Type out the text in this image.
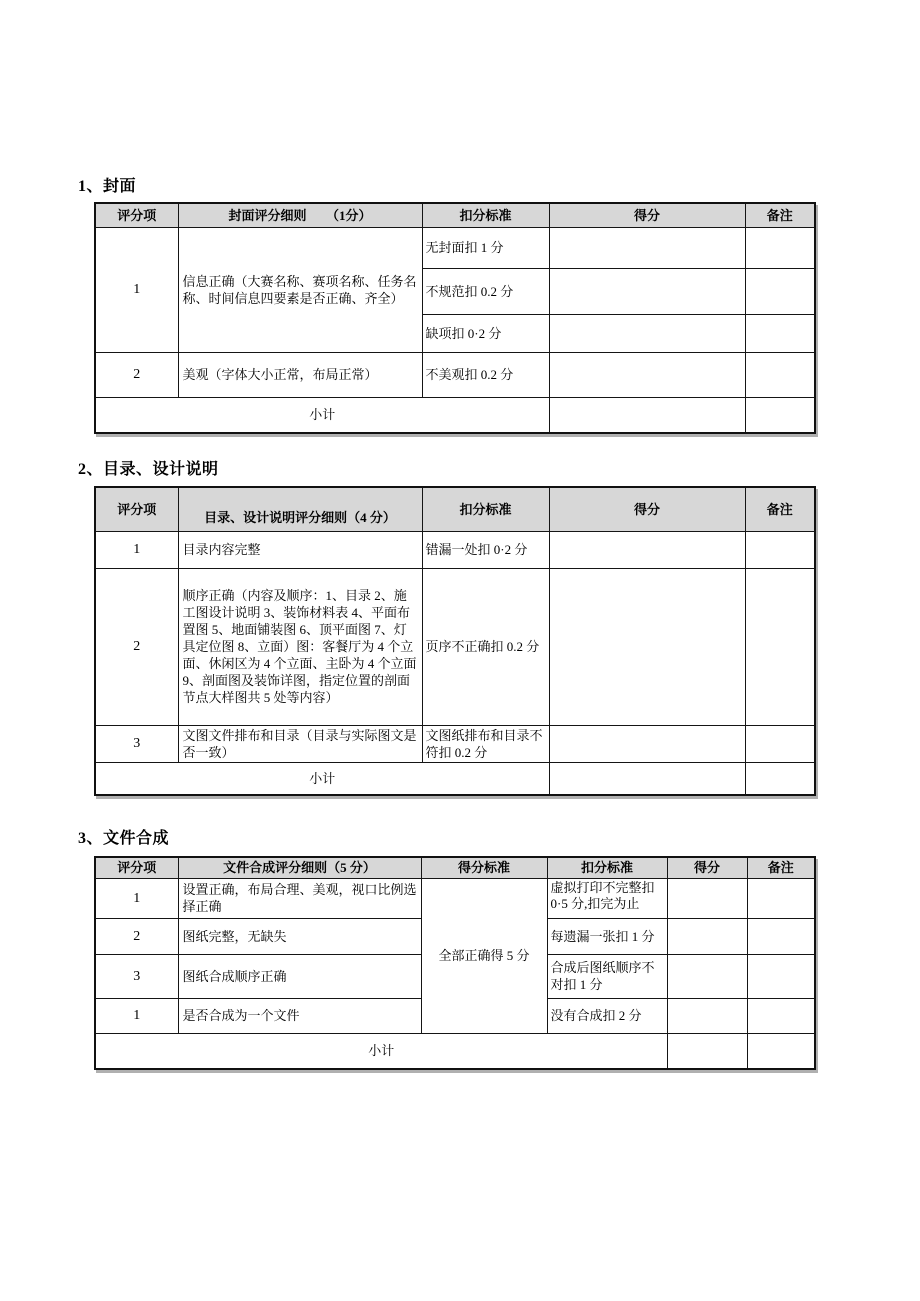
1、封面
评分项	封面评分细则　　（1分）	扣分标准	得分	备注
1	信息正确（大赛名称、赛项名称、任务名称、时间信息四要素是否正确、齐全）	无封面扣 1 分		
		不规范扣 0.2 分		
		缺项扣 0·2 分		
2	美观（字体大小正常，布局正常）	不美观扣 0.2 分		
小计				
2、目录、设计说明
评分项	目录、设计说明评分细则（4 分）	扣分标准	得分	备注
1	目录内容完整	错漏一处扣 0·2 分		
2	顺序正确（内容及顺序：1、目录 2、施工图设计说明 3、装饰材料表 4、平面布置图 5、地面铺装图 6、顶平面图 7、灯具定位图 8、立面）图：客餐厅为 4 个立面、休闲区为 4 个立面、主卧为 4 个立面 9、剖面图及装饰详图，指定位置的剖面节点大样图共 5 处等内容）	页序不正确扣 0.2 分		
3	文图文件排布和目录（目录与实际图文是否一致）	文图纸排布和目录不符扣 0.2 分		
小计				
3、文件合成
评分项	文件合成评分细则（5 分）	得分标准	扣分标准	得分	备注
1	设置正确，布局合理、美观，视口比例选择正确	全部正确得 5 分	虚拟打印不完整扣 0·5 分,扣完为止		

2	图纸完整，无缺失		每遗漏一张扣 1 分		
3	图纸合成顺序正确		合成后图纸顺序不对扣 1 分		
1	是否合成为一个文件		没有合成扣 2 分		
小计					
